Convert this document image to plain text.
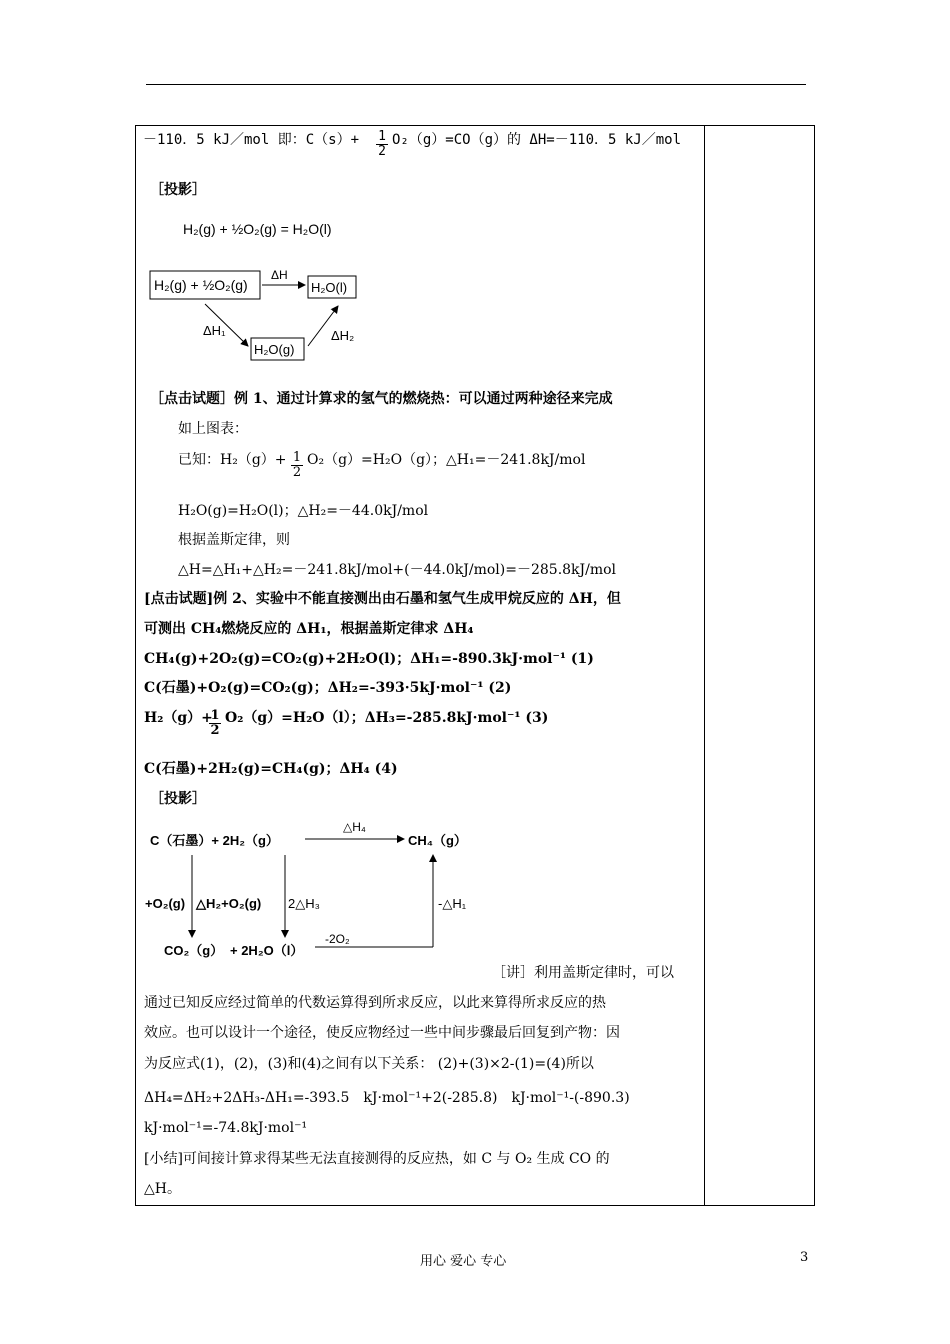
－110．5 kJ／mol 即：$C(s)+ \frac{1}{2} O_2(g)=CO(g)$的 ΔH=－110．5 kJ／mol
［投影］
H₂(g) + ½O₂(g) = H₂O(l)
H₂(g) + ½O₂(g)
ΔH
H₂O(l)
ΔH₁
H₂O(g)
ΔH₂
［点击试题］例 1、通过计算求的氢气的燃烧热：可以通过两种途径来完成
如上图表：
已知：$H_2(g)+ \frac{1}{2} O_2(g)=H_2O(g)$；△H₁=－241.8kJ/mol
H₂O(g)=H₂O(l)；△H₂=－44.0kJ/mol
根据盖斯定律，则
△H=△H₁+△H₂=－241.8kJ/mol+(－44.0kJ/mol)=－285.8kJ/mol
[点击试题]例 2、实验中不能直接测出由石墨和氢气生成甲烷反应的 ΔH，但
可测出 CH₄燃烧反应的 ΔH₁，根据盖斯定律求 ΔH₄
CH₄(g)+2O₂(g)=CO₂(g)+2H₂O(l)；ΔH₁=-890.3kJ·mol⁻¹ (1)
C(石墨)+O₂(g)=CO₂(g)；ΔH₂=-393·5kJ·mol⁻¹ (2)
H₂（g）+
$\frac{1}{2} O_2(g)=H_2O(l)$；ΔH₃=-285.8kJ·mol⁻¹ (3)
C(石墨)+2H₂(g)=CH₄(g)；ΔH₄ (4)
［投影］
C（石墨）+ 2H₂（g）
△H₄
CH₄（g）
+O₂(g) △H₂+O₂(g) 2△H₃	-△H₁
CO₂（g） + 2H₂O（l）
-2O₂
［讲］利用盖斯定律时，可以
通过已知反应经过简单的代数运算得到所求反应，以此来算得所求反应的热
效应。也可以设计一个途径，使反应物经过一些中间步骤最后回复到产物：因
为反应式(1)，(2)，(3)和(4)之间有以下关系： (2)+(3)×2-(1)=(4)所以
ΔH₄=ΔH₂+2ΔH₃-ΔH₁=-393.5　kJ·mol⁻¹+2(-285.8)　kJ·mol⁻¹-(-890.3)
kJ·mol⁻¹=-74.8kJ·mol⁻¹
[小结]可间接计算求得某些无法直接测得的反应热，如 C 与 O₂ 生成 CO 的
△H。
用心 爱心 专心	3
